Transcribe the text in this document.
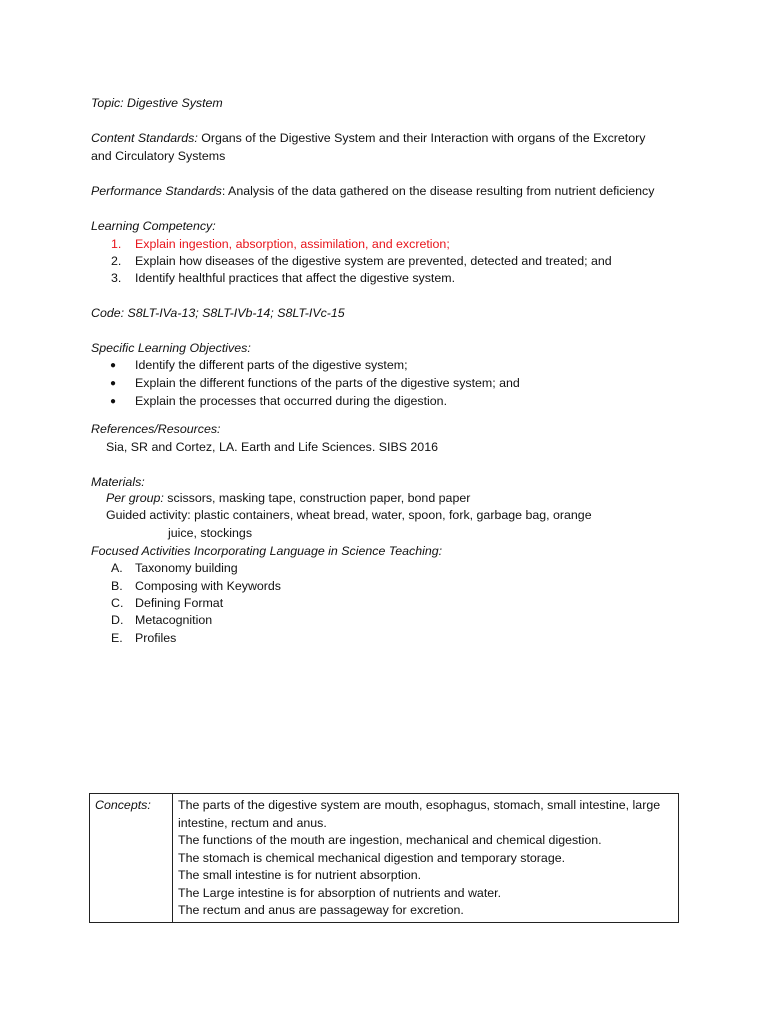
Topic: Digestive System
Content Standards: Organs of the Digestive System and their Interaction with organs of the Excretory
and Circulatory Systems
Performance Standards: Analysis of the data gathered on the disease resulting from nutrient deficiency
Learning Competency:
1. Explain ingestion, absorption, assimilation, and excretion;
2. Explain how diseases of the digestive system are prevented, detected and treated; and
3. Identify healthful practices that affect the digestive system.
Code: S8LT-IVa-13; S8LT-IVb-14; S8LT-IVc-15
Specific Learning Objectives:
● Identify the different parts of the digestive system;
● Explain the different functions of the parts of the digestive system; and
● Explain the processes that occurred during the digestion.
References/Resources:
Sia, SR and Cortez, LA. Earth and Life Sciences. SIBS 2016
Materials:
Per group: scissors, masking tape, construction paper, bond paper
Guided activity: plastic containers, wheat bread, water, spoon, fork, garbage bag, orange
juice, stockings
Focused Activities Incorporating Language in Science Teaching:
A. Taxonomy building
B. Composing with Keywords
C. Defining Format
D. Metacognition
E. Profiles
Concepts:	The parts of the digestive system are mouth, esophagus, stomach, small intestine, large
intestine, rectum and anus.
The functions of the mouth are ingestion, mechanical and chemical digestion.
The stomach is chemical mechanical digestion and temporary storage.
The small intestine is for nutrient absorption.
The Large intestine is for absorption of nutrients and water.
The rectum and anus are passageway for excretion.
